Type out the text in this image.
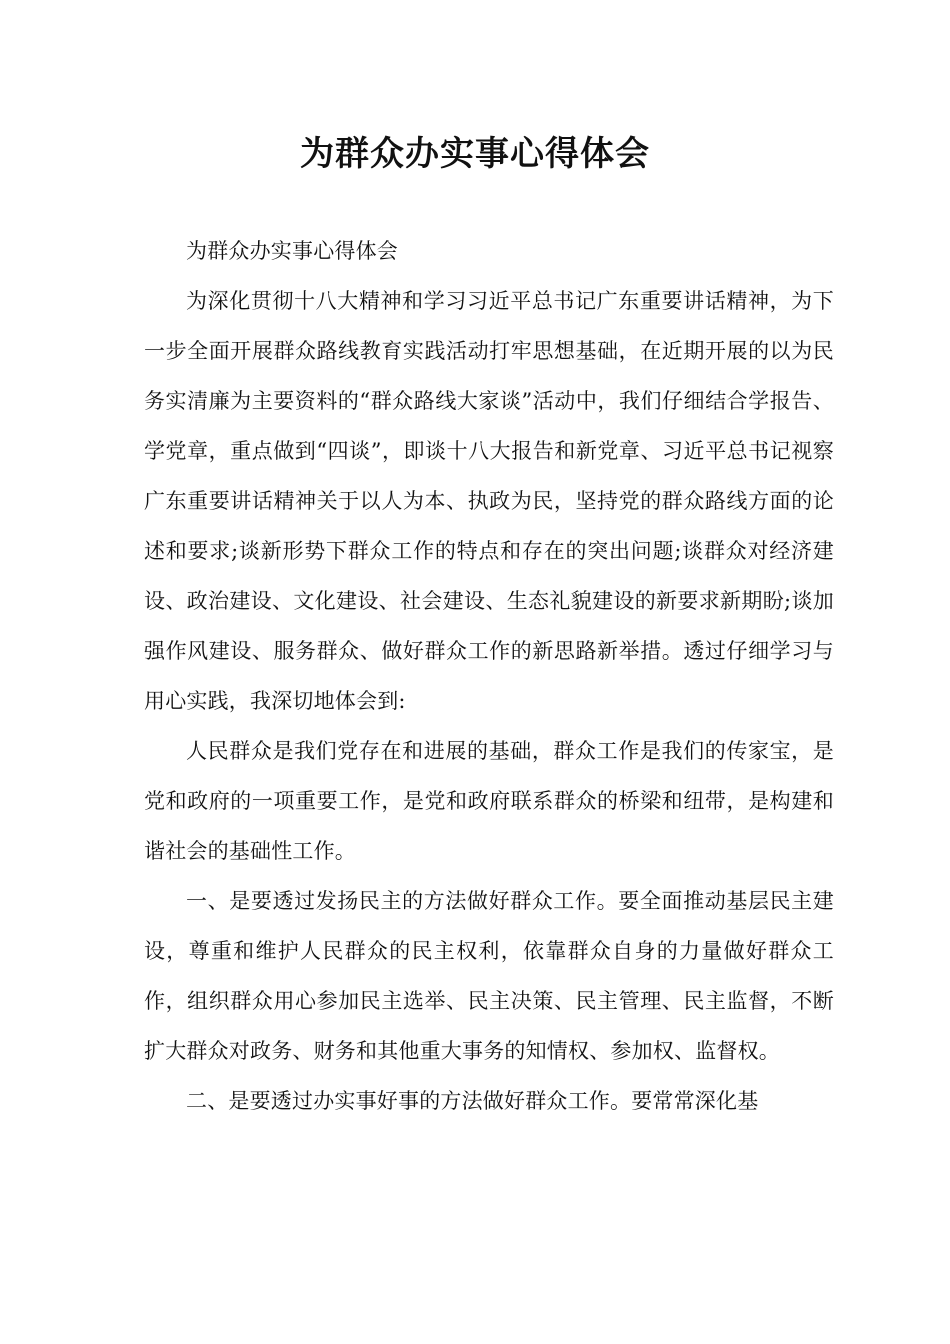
为群众办实事心得体会

为群众办实事心得体会

为深化贯彻十八大精神和学习习近平总书记广东重要讲话精神，为下一步全面开展群众路线教育实践活动打牢思想基础，在近期开展的以为民务实清廉为主要资料的“群众路线大家谈”活动中，我们仔细结合学报告、学党章，重点做到“四谈”，即谈十八大报告和新党章、习近平总书记视察广东重要讲话精神关于以人为本、执政为民，坚持党的群众路线方面的论述和要求;谈新形势下群众工作的特点和存在的突出问题;谈群众对经济建设、政治建设、文化建设、社会建设、生态礼貌建设的新要求新期盼;谈加强作风建设、服务群众、做好群众工作的新思路新举措。透过仔细学习与用心实践，我深切地体会到:

人民群众是我们党存在和进展的基础，群众工作是我们的传家宝，是党和政府的一项重要工作，是党和政府联系群众的桥梁和纽带，是构建和谐社会的基础性工作。

一、是要透过发扬民主的方法做好群众工作。要全面推动基层民主建设，尊重和维护人民群众的民主权利，依靠群众自身的力量做好群众工作，组织群众用心参加民主选举、民主决策、民主管理、民主监督，不断扩大群众对政务、财务和其他重大事务的知情权、参加权、监督权。

二、是要透过办实事好事的方法做好群众工作。要常常深化基
